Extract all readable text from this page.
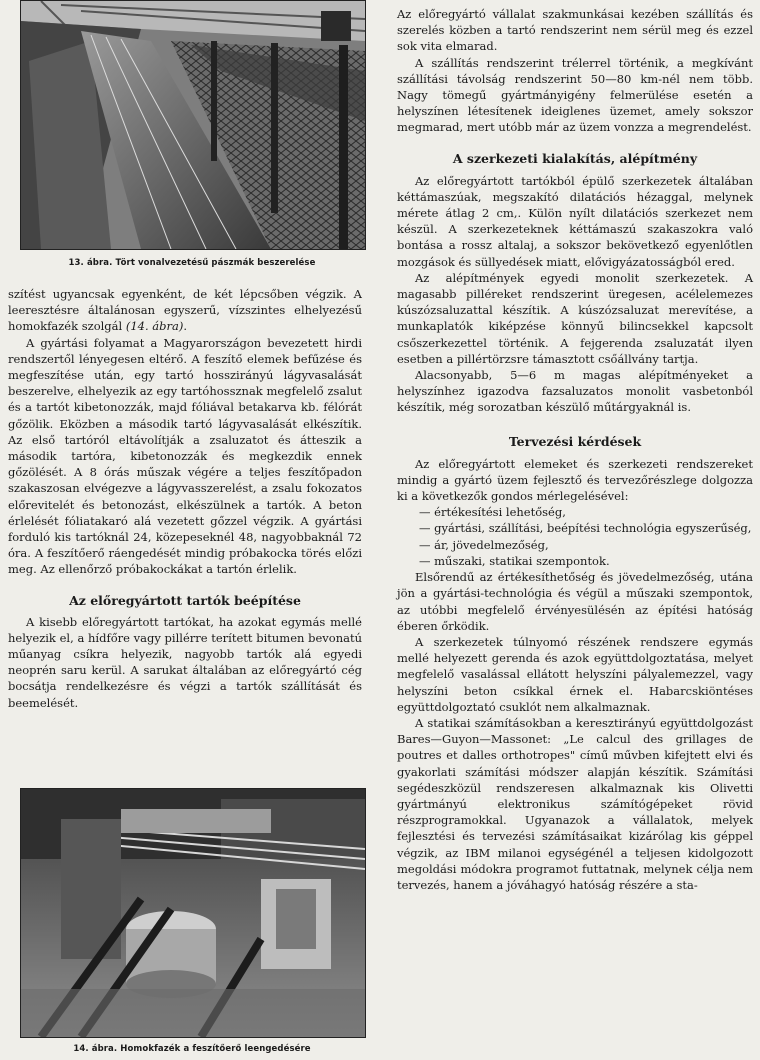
13. ábra. Tört vonalvezetésű pászmák beszerelése

szítést ugyancsak egyenként, de két lépcsőben végzik. A leeresztésre általánosan egyszerű, vízszintes elhelyezésű homokfazék szolgál (14. ábra).

A gyártási folyamat a Magyarországon bevezetett hirdi rendszertől lényegesen eltérő. A feszítő elemek befűzése és megfeszítése után, egy tartó hosszirányú lágyvasalását beszerelve, elhelyezik az egy tartóhossznak megfelelő zsalut és a tartót kibetonozzák, majd fóliával betakarva kb. félórát gőzölik. Eközben a második tartó lágyvasalását elkészítik. Az első tartóról eltávolítják a zsaluzatot és átteszik a második tartóra, kibetonozzák és megkezdik ennek gőzölését. A 8 órás műszak végére a teljes feszítőpadon szakaszosan elvégezve a lágyvasszerelést, a zsalu fokozatos előrevitelét és betonozást, elkészülnek a tartók. A beton érlelését fóliatakaró alá vezetett gőzzel végzik. A gyártási forduló kis tartóknál 24, közepeseknél 48, nagyobbaknál 72 óra. A feszítőerő ráengedését mindig próbakocka törés előzi meg. Az ellenőrző próbakockákat a tartón érlelik.

Az előregyártott tartók beépítése

A kisebb előregyártott tartókat, ha azokat egymás mellé helyezik el, a hídfőre vagy pillérre terített bitumen bevonatú műanyag csíkra helyezik, nagyobb tartók alá egyedi neoprén saru kerül. A sarukat általában az előregyártó cég bocsátja rendelkezésre és végzi a tartók szállítását és beemelését.

14. ábra. Homokfazék a feszítőerő leengedésére

Az előregyártó vállalat szakmunkásai kezében szállítás és szerelés közben a tartó rendszerint nem sérül meg és ezzel sok vita elmarad.

A szállítás rendszerint trélerrel történik, a megkívánt szállítási távolság rendszerint 50—80 km-nél nem több. Nagy tömegű gyártmányigény felmerülése esetén a helyszínen létesítenek ideiglenes üzemet, amely sokszor megmarad, mert utóbb már az üzem vonzza a megrendelést.

A szerkezeti kialakítás, alépítmény

Az előregyártott tartókból épülő szerkezetek általában kéttámaszúak, megszakító dilatációs hézaggal, melynek mérete átlag 2 cm,. Külön nyílt dilatációs szerkezet nem készül. A szerkezeteknek kéttámaszú szakaszokra való bontása a rossz altalaj, a sokszor bekövetkező egyenlőtlen mozgások és süllyedések miatt, elővigyázatosságból ered.

Az alépítmények egyedi monolit szerkezetek. A magasabb pilléreket rendszerint üregesen, acélelemezes kúszózsaluzattal készítik. A kúszózsaluzat merevítése, a munkaplatók kiképzése könnyű bilincsekkel kapcsolt csőszerkezettel történik. A fejgerenda zsaluzatát ilyen esetben a pillértörzsre támasztott csőállvány tartja.

Alacsonyabb, 5—6 m magas alépítményeket a helyszínhez igazodva fazsaluzatos monolit vasbetonból készítik, még sorozatban készülő műtárgyaknál is.

Tervezési kérdések

Az előregyártott elemeket és szerkezeti rendszereket mindig a gyártó üzem fejlesztő és tervezőrészlege dolgozza ki a következők gondos mérlegelésével:

— értékesítési lehetőség,

— gyártási, szállítási, beépítési technológia egyszerűség,

— ár, jövedelmezőség,

— műszaki, statikai szempontok.

Elsőrendű az értékesíthetőség és jövedelmezőség, utána jön a gyártási-technológia és végül a műszaki szempontok, az utóbbi megfelelő érvényesülésén az építési hatóság éberen őrködik.

A szerkezetek túlnyomó részének rendszere egymás mellé helyezett gerenda és azok együttdolgoztatása, melyet megfelelő vasalással ellátott helyszíni pályalemezzel, vagy helyszíni beton csíkkal érnek el. Habarcskiöntéses együttdolgoztató csuklót nem alkalmaznak.

A statikai számításokban a keresztirányú együttdolgozást Bares—Guyon—Massonet: „Le calcul des grillages de poutres et dalles orthotropes" című művben kifejtett elvi és gyakorlati számítási módszer alapján készítik. Számítási segédeszközül rendszeresen alkalmaznak kis Olivetti gyártmányú elektronikus számítógépeket rövid részprogramokkal. Ugyanazok a vállalatok, melyek fejlesztési és tervezési számításaikat kizárólag kis géppel végzik, az IBM milanoi egységénél a teljesen kidolgozott megoldási módokra programot futtatnak, melynek célja nem tervezés, hanem a jóváhagyó hatóság részére a sta-
